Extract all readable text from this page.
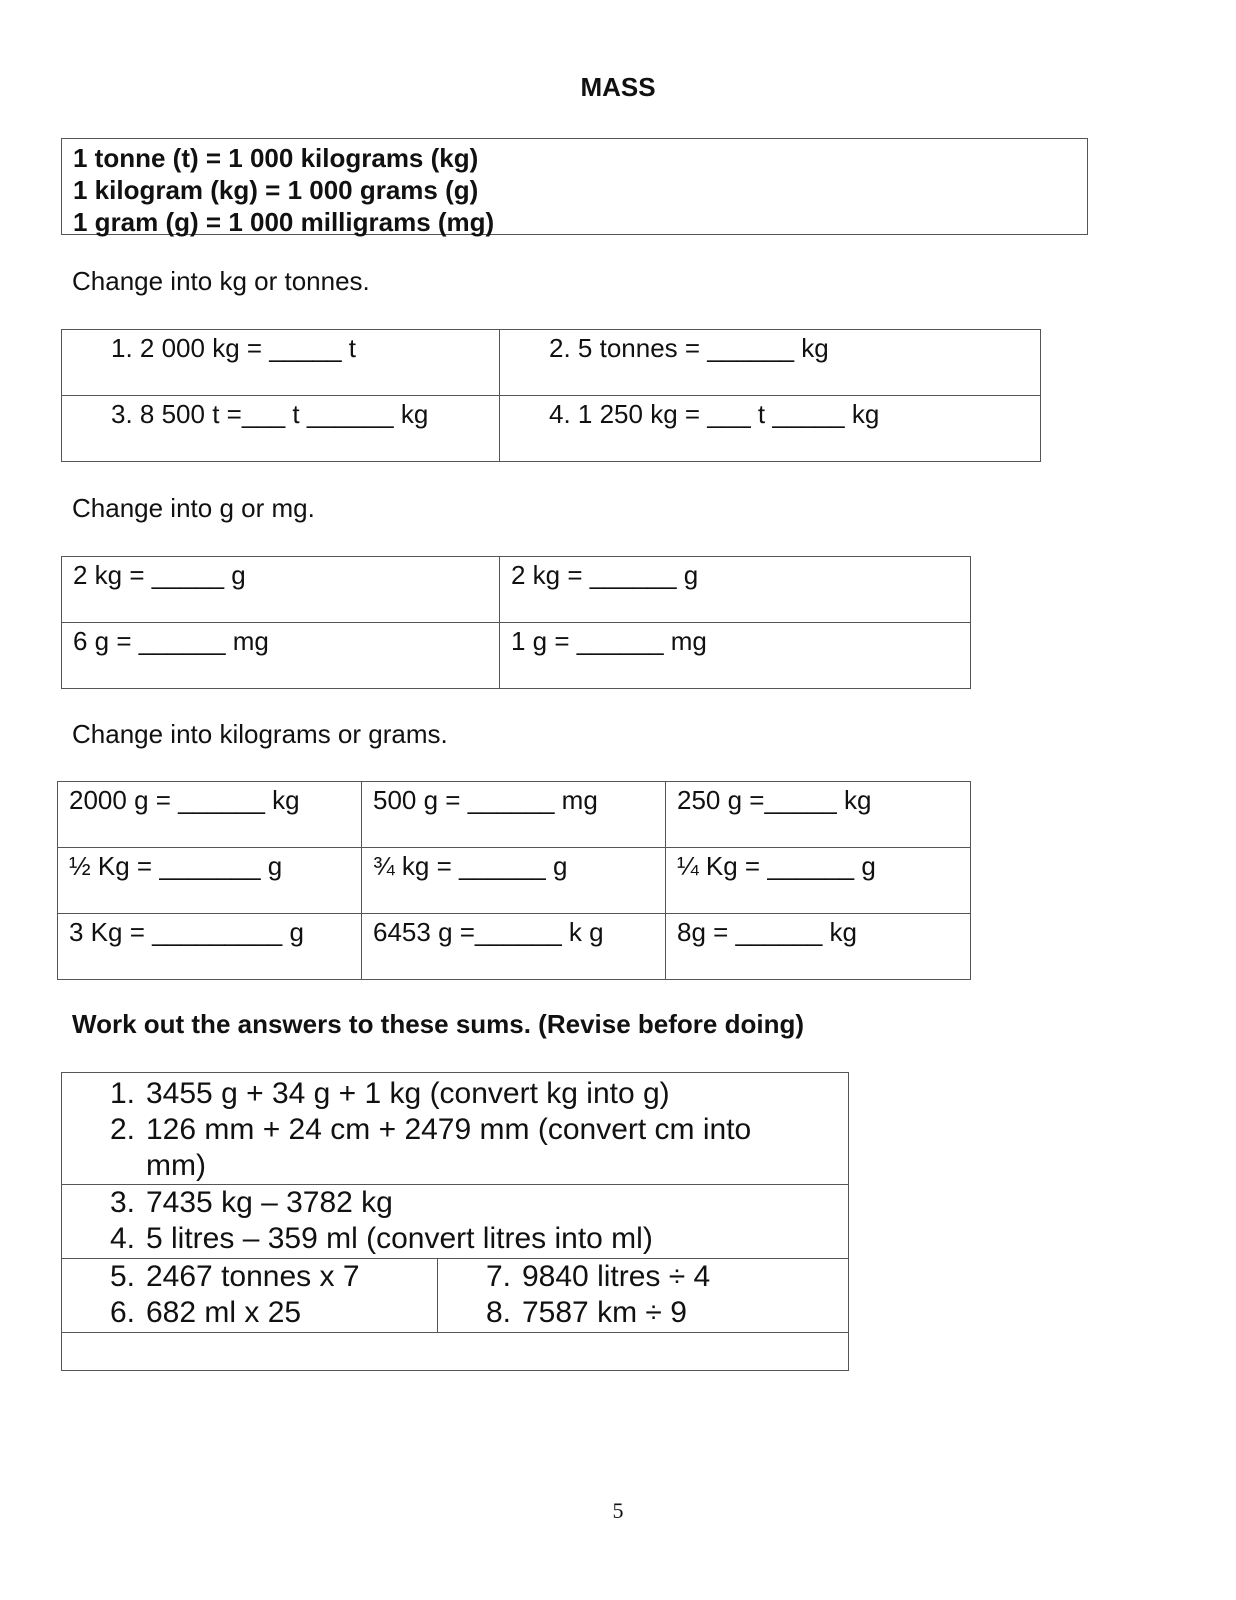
MASS
1 tonne (t) = 1 000 kilograms (kg)
1 kilogram (kg) = 1 000 grams (g)
1 gram (g) = 1 000 milligrams (mg)
Change into kg or tonnes.
1. 2 000 kg = _____ t	2. 5 tonnes = ______ kg
3. 8 500 t =___ t ______ kg	4. 1 250 kg = ___ t _____ kg
Change into g or mg.
2 kg = _____ g	2 kg = ______ g
6 g = ______ mg	1 g = ______ mg
Change into kilograms or grams.
2000 g = ______ kg	500 g = ______ mg	250 g =_____ kg
½ Kg = _______ g	¾ kg = ______ g	¼ Kg = ______ g
3 Kg = _________ g	6453 g =______ k g	8g = ______ kg
Work out the answers to these sums. (Revise before doing)
1. 3455 g + 34 g + 1 kg (convert kg into g)
2. 126 mm + 24 cm + 2479 mm (convert cm into
mm)

3. 7435 kg – 3782 kg
4. 5 litres – 359 ml (convert litres into ml)

5. 2467 tonnes x 7
6. 682 ml x 25

7. 9840 litres ÷ 4
8. 7587 km ÷ 9

5
